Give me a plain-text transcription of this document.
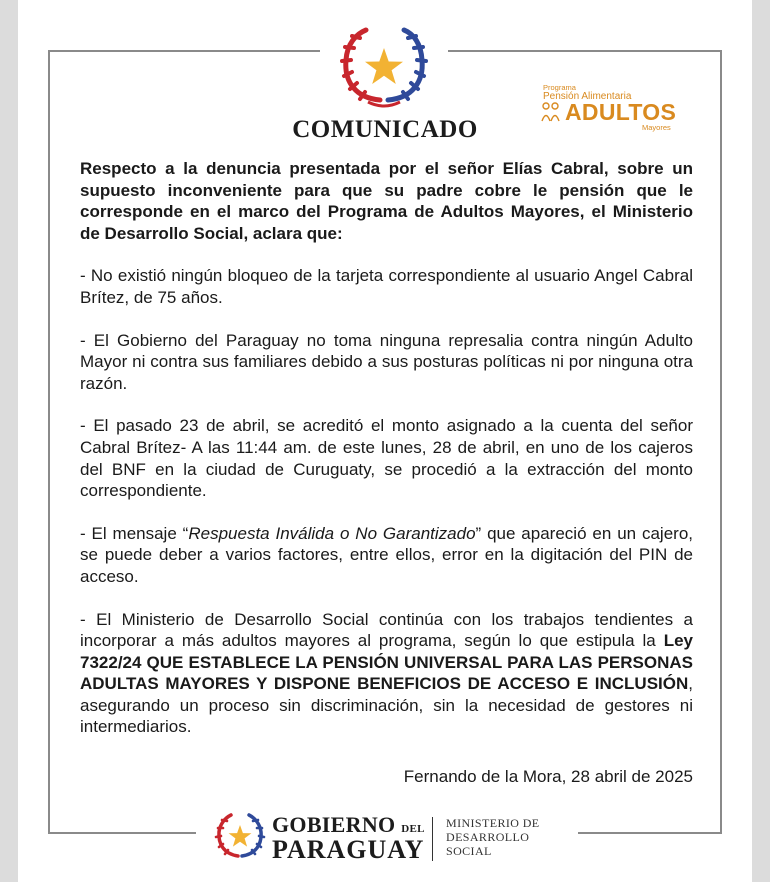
COMUNICADO
Programa
Pensión Alimentaria
ADULTOS
Mayores

Respecto a la denuncia presentada por el señor Elías Cabral, sobre un supuesto inconveniente para que su padre cobre le pensión que le corresponde en el marco del Programa de Adultos Mayores, el Ministerio de Desarrollo Social, aclara que:

- No existió ningún bloqueo de la tarjeta correspondiente al usuario Angel Cabral Brítez, de 75 años.

- El Gobierno del Paraguay no toma ninguna represalia contra ningún Adulto Mayor ni contra sus familiares debido a sus posturas políticas ni por ninguna otra razón.

- El pasado 23 de abril, se acreditó el monto asignado a la cuenta del señor Cabral Brítez- A las 11:44 am. de este lunes, 28 de abril, en uno de los cajeros del BNF en la ciudad de Curuguaty, se procedió a la extracción del monto correspondiente.

- El mensaje “Respuesta Inválida o No Garantizado” que apareció en un cajero, se puede deber a varios factores, entre ellos, error en la digitación del PIN de acceso.

- El Ministerio de Desarrollo Social continúa con los trabajos tendientes a incorporar a más adultos mayores al programa, según lo que estipula la Ley 7322/24 QUE ESTABLECE LA PENSIÓN UNIVERSAL PARA LAS PERSONAS ADULTAS MAYORES Y DISPONE BENEFICIOS DE ACCESO E INCLUSIÓN, asegurando un proceso sin discriminación, sin la necesidad de gestores ni intermediarios.

Fernando de la Mora, 28 abril de 2025
GOBIERNO DEL
PARAGUAY
MINISTERIO DE
DESARROLLO
SOCIAL
